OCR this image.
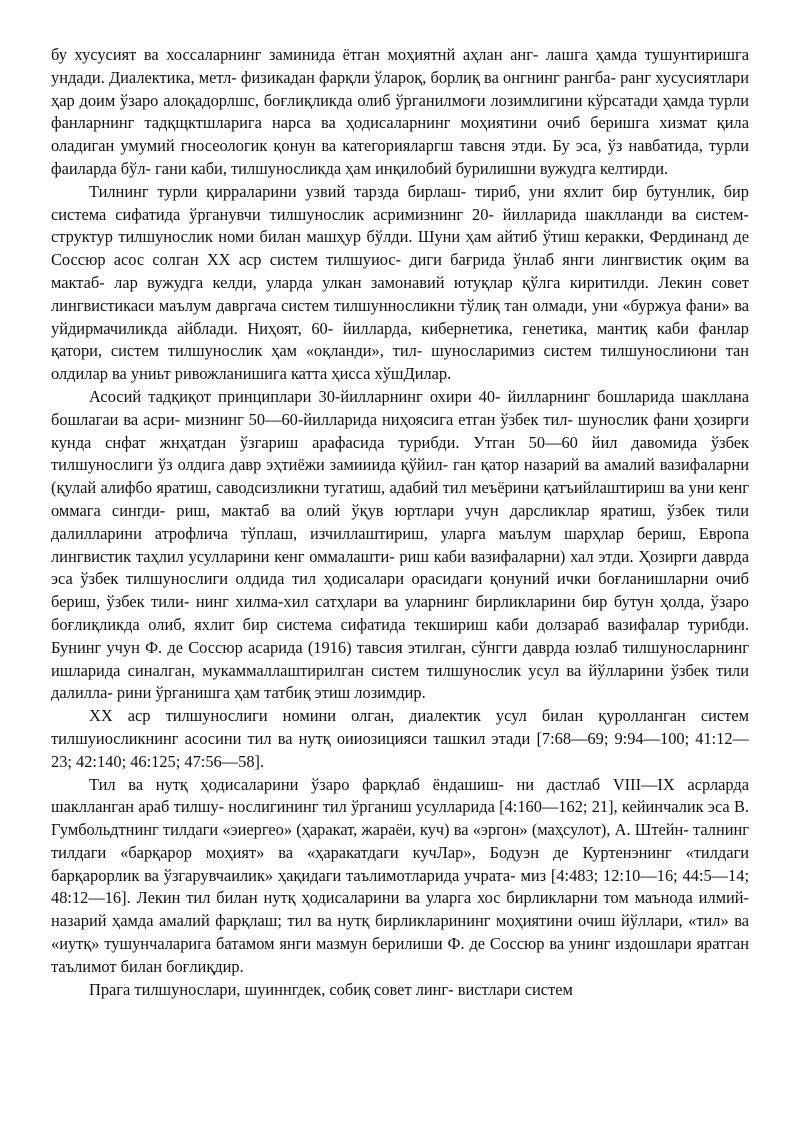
бу хусусият ва хоссаларнинг заминида ётган моҳиятнй аҳлан анг- лашга ҳамда тушунтиришга ундади. Диалектика, метл- физикадан фарқли ўлароқ, борлиқ ва онгнинг рангба- ранг хусусиятлари ҳар доим ўзаро алоқадорлшс, боғлиқликда олиб ўрганилмоғи лозимлигини кўрсатади ҳамда турли фанларнинг тадқщктшларига нарса ва ҳодисаларнинг моҳиятини очиб беришга хизмат қила оладиган умумий гносеологик қонун ва категорияларгш тавсня этди. Бу эса, ўз навбатида, турли фаиларда бўл- гани каби, тилшуносликда ҳам инқилобий бурилишни вужудга келтирди.

Тилнинг турли қирраларини узвий тарзда бирлаш- тириб, уни яхлит бир бутунлик, бир система сифатида ўрганувчи тилшунослик асримизнинг 20- йилларида шаклланди ва систем-структур тилшунослик номи билан машҳур бўлди. Шуни ҳам айтиб ўтиш керакки, Фердинанд де Соссюр асос солган XX аср систем тилшуиос- диги бағрида ўнлаб янги лингвистик оқим ва мактаб- лар вужудга келди, уларда улкан замонавий ютуқлар қўлга киритилди. Лекин совет лингвистикаси маълум давргача систем тилшунносликни тўлиқ тан олмади, уни «буржуа фани» ва уйдирмачиликда айблади. Ниҳоят, 60- йилларда, кибернетика, генетика, мантиқ каби фанлар қатори, систем тилшунослик ҳам «оқланди», тил- шуносларимиз систем тилшунослиюни тан олдилар ва униьт ривожланишига катта ҳисса хўшДилар.

Асосий тадқиқот принциплари 30-йилларнинг охири 40- йилларнинг бошларида шакллана бошлагаи ва асри- мизнинг 50—60-йилларида ниҳоясига етган ўзбек тил- шунослик фани ҳозирги кунда снфат жнҳатдан ўзгариш арафасида турибди. Утган 50—60 йил давомида ўзбек тилшунослиги ўз олдига давр эҳтиёжи замииида қўйил- ган қатор назарий ва амалий вазифаларни (қулай алифбо яратиш, саводсизликни тугатиш, адабий тил меъёрини қатъийлаштириш ва уни кенг оммага сингди- риш, мактаб ва олий ўқув юртлари учун дарсликлар яратиш, ўзбек тили далилларини атрофлича тўплаш, изчиллаштириш, уларга маълум шарҳлар бериш, Европа лингвистик таҳлил усулларини кенг оммалашти- риш каби вазифаларни) хал этди. Ҳозирги даврда эса ўзбек тилшунослиги олдида тил ҳодисалари орасидаги қонуний ички боғланишларни очиб бериш, ўзбек тили- нинг хилма-хил сатҳлари ва уларнинг бирликларини бир бутун ҳолда, ўзаро боғлиқликда олиб, яхлит бир система сифатида текшириш каби долзараб вазифалар турибди. Бунинг учун Ф. де Соссюр асарида (1916) тавсия этилган, сўнгги даврда юзлаб тилшуносларнинг ишларида синалган, мукаммаллаштирилган систем тилшунослик усул ва йўлларини ўзбек тили далилла- рини ўрганишга ҳам татбиқ этиш лозимдир.

XX аср тилшунослиги номини олган, диалектик усул билан қуролланган систем тилшуиосликнинг асосини тил ва нутқ оииозицияси ташкил этади [7:68—69; 9:94—100; 41:12—23; 42:140; 46:125; 47:56—58].

Тил ва нутқ ҳодисаларини ўзаро фарқлаб ёндашиш- ни дастлаб VIII—IX асрларда шаклланган араб тилшу- нослигининг тил ўрганиш усулларида [4:160—162; 21], кейинчалик эса В. Гумбольдтнинг тилдаги «эиергео» (ҳаракат, жараёи, куч) ва «эргон» (маҳсулот), А. Штейн- талнинг тилдаги «барқарор моҳият» ва «ҳаракатдаги кучЛар», Бодуэн де Куртенэнинг «тилдаги барқарорлик ва ўзгарувчаилик» ҳақидаги таълимотларида учрата- миз [4:483; 12:10—16; 44:5—14; 48:12—16]. Лекин тил билан нутқ ҳодисаларини ва уларга хос бирликларни том маънода илмий-назарий ҳамда амалий фарқлаш; тил ва нутқ бирликларининг моҳиятини очиш йўллари, «тил» ва «иутқ» тушунчаларига батамом янги мазмун берилиши Ф. де Соссюр ва унинг издошлари яратган таълимот билан боғлиқдир.

Прага тилшунослари, шуиннгдек, собиқ совет линг- вистлари систем
